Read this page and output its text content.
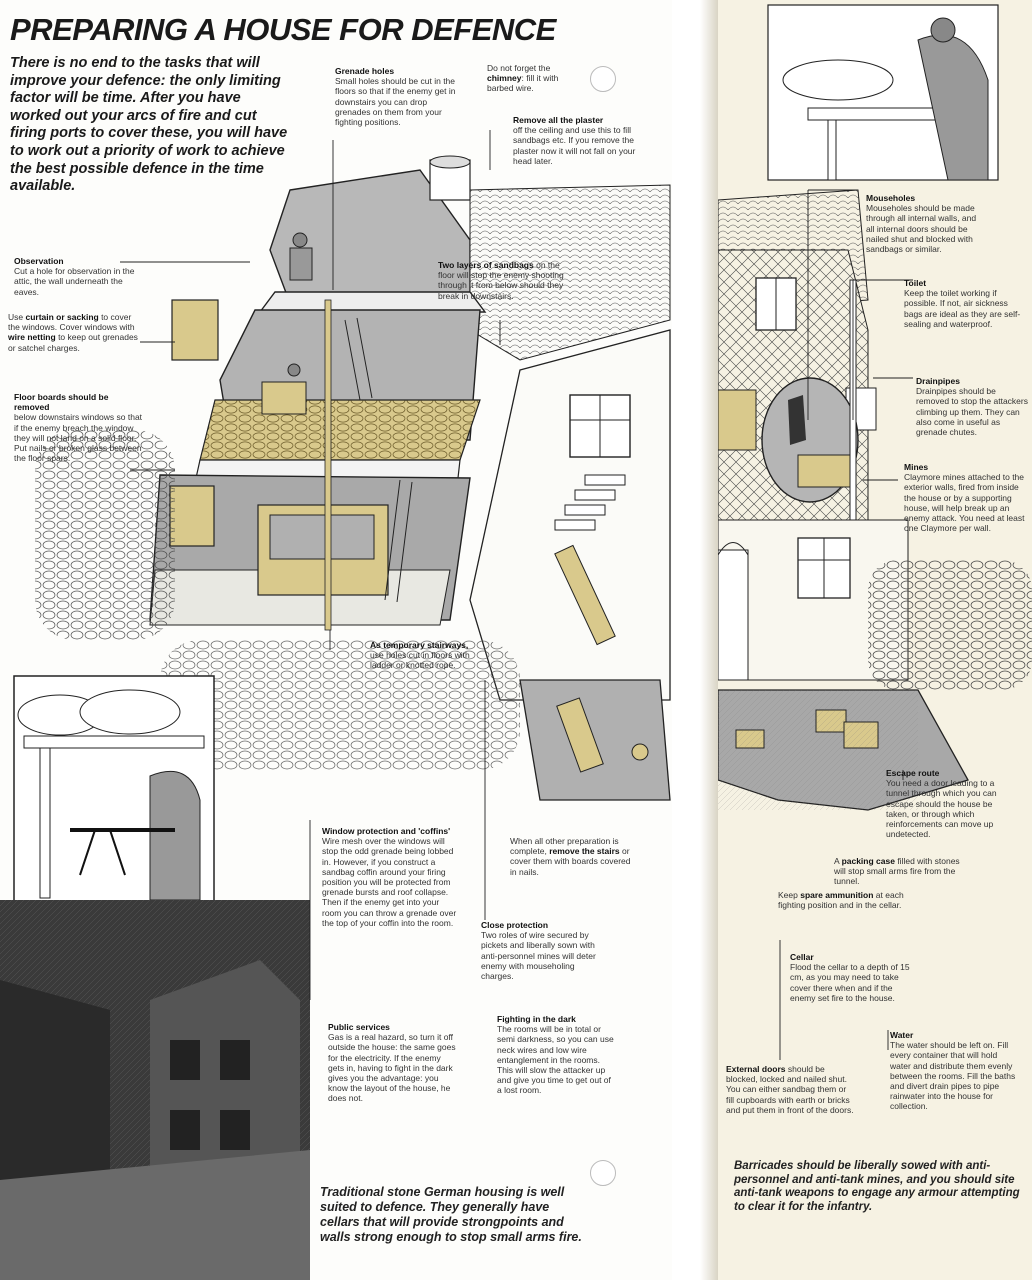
PREPARING A HOUSE FOR DEFENCE
There is no end to the tasks that will improve your defence: the only limiting factor will be time. After you have worked out your arcs of fire and cut firing ports to cover these, you will have to work out a priority of work to achieve the best possible defence in the time available.
Grenade holes
Small holes should be cut in the floors so that if the enemy get in downstairs you can drop grenades on them from your fighting positions.
Do not forget the chimney: fill it with barbed wire.
Remove all the plaster
off the ceiling and use this to fill sandbags etc. If you remove the plaster now it will not fall on your head later.
Observation
Cut a hole for observation in the attic, the wall underneath the eaves.
Two layers of sandbags on the floor will stop the enemy shooting through it from below should they break in downstairs.
Use curtain or sacking to cover the windows. Cover windows with wire netting to keep out grenades or satchel charges.
Floor boards should be removed
below downstairs windows so that if the enemy breach the window they will not land on a solid floor. Put nails or broken glass between the floor spars.
As temporary stairways,
use holes cut in floors with ladder or knotted rope.
Window protection and 'coffins'
Wire mesh over the windows will stop the odd grenade being lobbed in. However, if you construct a sandbag coffin around your firing position you will be protected from grenade bursts and roof collapse. Then if the enemy get into your room you can throw a grenade over the top of your coffin into the room.
When all other preparation is complete, remove the stairs or cover them with boards covered in nails.
Close protection
Two roles of wire secured by pickets and liberally sown with anti-personnel mines will deter enemy with mouseholing charges.
Public services
Gas is a real hazard, so turn it off outside the house: the same goes for the electricity. If the enemy gets in, having to fight in the dark gives you the advantage: you know the layout of the house, he does not.
Fighting in the dark
The rooms will be in total or semi darkness, so you can use neck wires and low wire entanglement in the rooms. This will slow the attacker up and give you time to get out of a lost room.
Traditional stone German housing is well suited to defence. They generally have cellars that will provide strongpoints and walls strong enough to stop small arms fire.
Mouseholes
Mouseholes should be made through all internal walls, and all internal doors should be nailed shut and blocked with sandbags or similar.
Toilet
Keep the toilet working if possible. If not, air sickness bags are ideal as they are self-sealing and waterproof.
Drainpipes
Drainpipes should be removed to stop the attackers climbing up them. They can also come in useful as grenade chutes.
Mines
Claymore mines attached to the exterior walls, fired from inside the house or by a supporting house, will help break up an enemy attack. You need at least one Claymore per wall.
Escape route
You need a door leading to a tunnel through which you can escape should the house be taken, or through which reinforcements can move up undetected.
A packing case filled with stones will stop small arms fire from the tunnel.
Keep spare ammunition at each fighting position and in the cellar.
Cellar
Flood the cellar to a depth of 15 cm, as you may need to take cover there when and if the enemy set fire to the house.
Water
The water should be left on. Fill every container that will hold water and distribute them evenly between the rooms. Fill the baths and divert drain pipes to pipe rainwater into the house for collection.
External doors should be blocked, locked and nailed shut. You can either sandbag them or fill cupboards with earth or bricks and put them in front of the doors.
Barricades should be liberally sowed with anti-personnel and anti-tank mines, and you should site anti-tank weapons to engage any armour attempting to clear it for the infantry.
